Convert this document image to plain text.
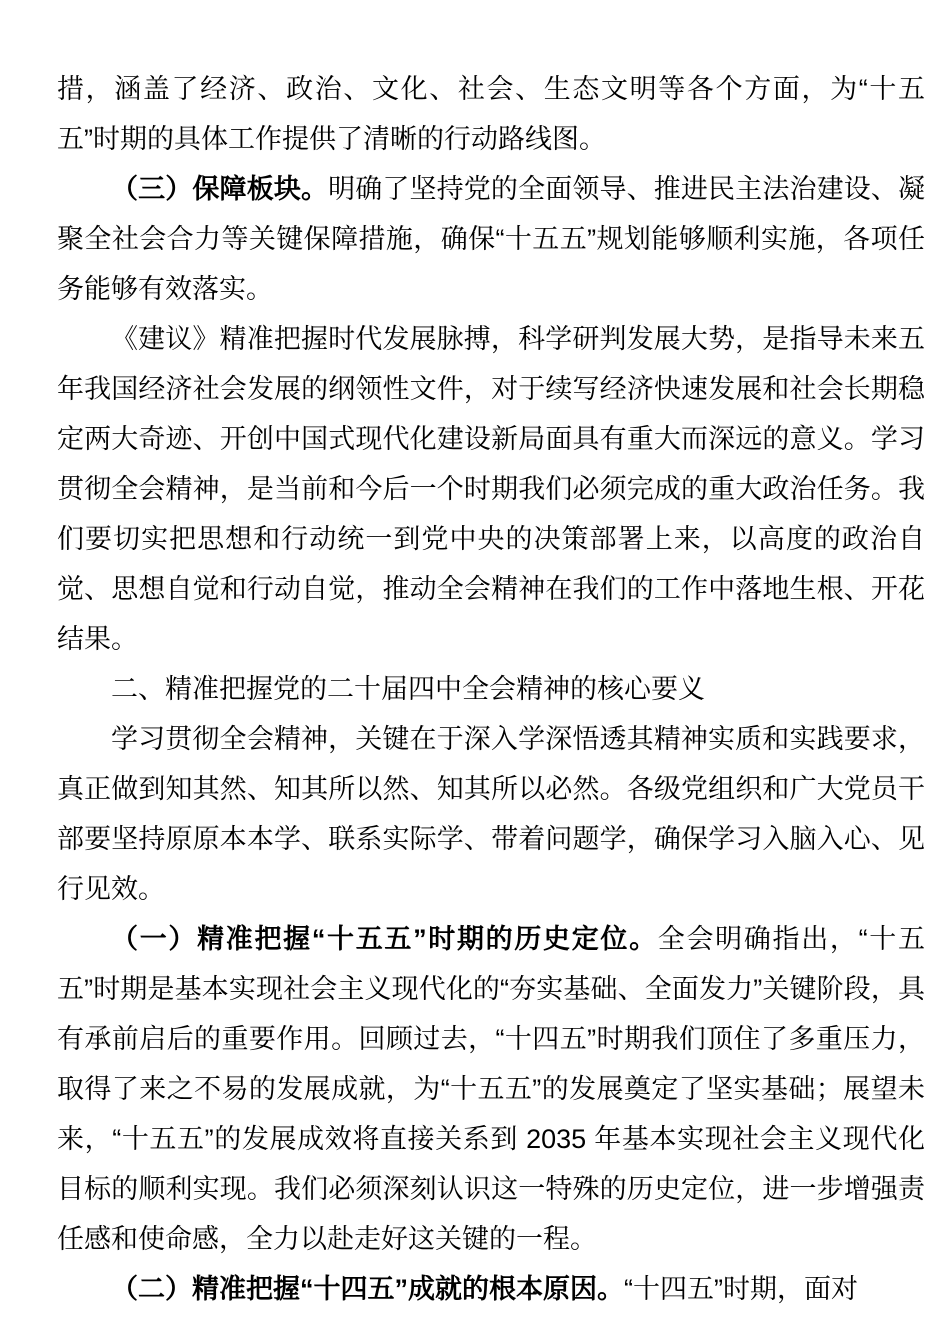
措，涵盖了经济、政治、文化、社会、生态文明等各个方面，为“十五五”时期的具体工作提供了清晰的行动路线图。

（三）保障板块。明确了坚持党的全面领导、推进民主法治建设、凝聚全社会合力等关键保障措施，确保“十五五”规划能够顺利实施，各项任务能够有效落实。

《建议》精准把握时代发展脉搏，科学研判发展大势，是指导未来五年我国经济社会发展的纲领性文件，对于续写经济快速发展和社会长期稳定两大奇迹、开创中国式现代化建设新局面具有重大而深远的意义。学习贯彻全会精神，是当前和今后一个时期我们必须完成的重大政治任务。我们要切实把思想和行动统一到党中央的决策部署上来，以高度的政治自觉、思想自觉和行动自觉，推动全会精神在我们的工作中落地生根、开花结果。

二、精准把握党的二十届四中全会精神的核心要义

学习贯彻全会精神，关键在于深入学深悟透其精神实质和实践要求，真正做到知其然、知其所以然、知其所以必然。各级党组织和广大党员干部要坚持原原本本学、联系实际学、带着问题学，确保学习入脑入心、见行见效。

（一）精准把握“十五五”时期的历史定位。全会明确指出，“十五五”时期是基本实现社会主义现代化的“夯实基础、全面发力”关键阶段，具有承前启后的重要作用。回顾过去，“十四五”时期我们顶住了多重压力，取得了来之不易的发展成就，为“十五五”的发展奠定了坚实基础；展望未来，“十五五”的发展成效将直接关系到 2035 年基本实现社会主义现代化目标的顺利实现。我们必须深刻认识这一特殊的历史定位，进一步增强责任感和使命感，全力以赴走好这关键的一程。

（二）精准把握“十四五”成就的根本原因。“十四五”时期，面对
